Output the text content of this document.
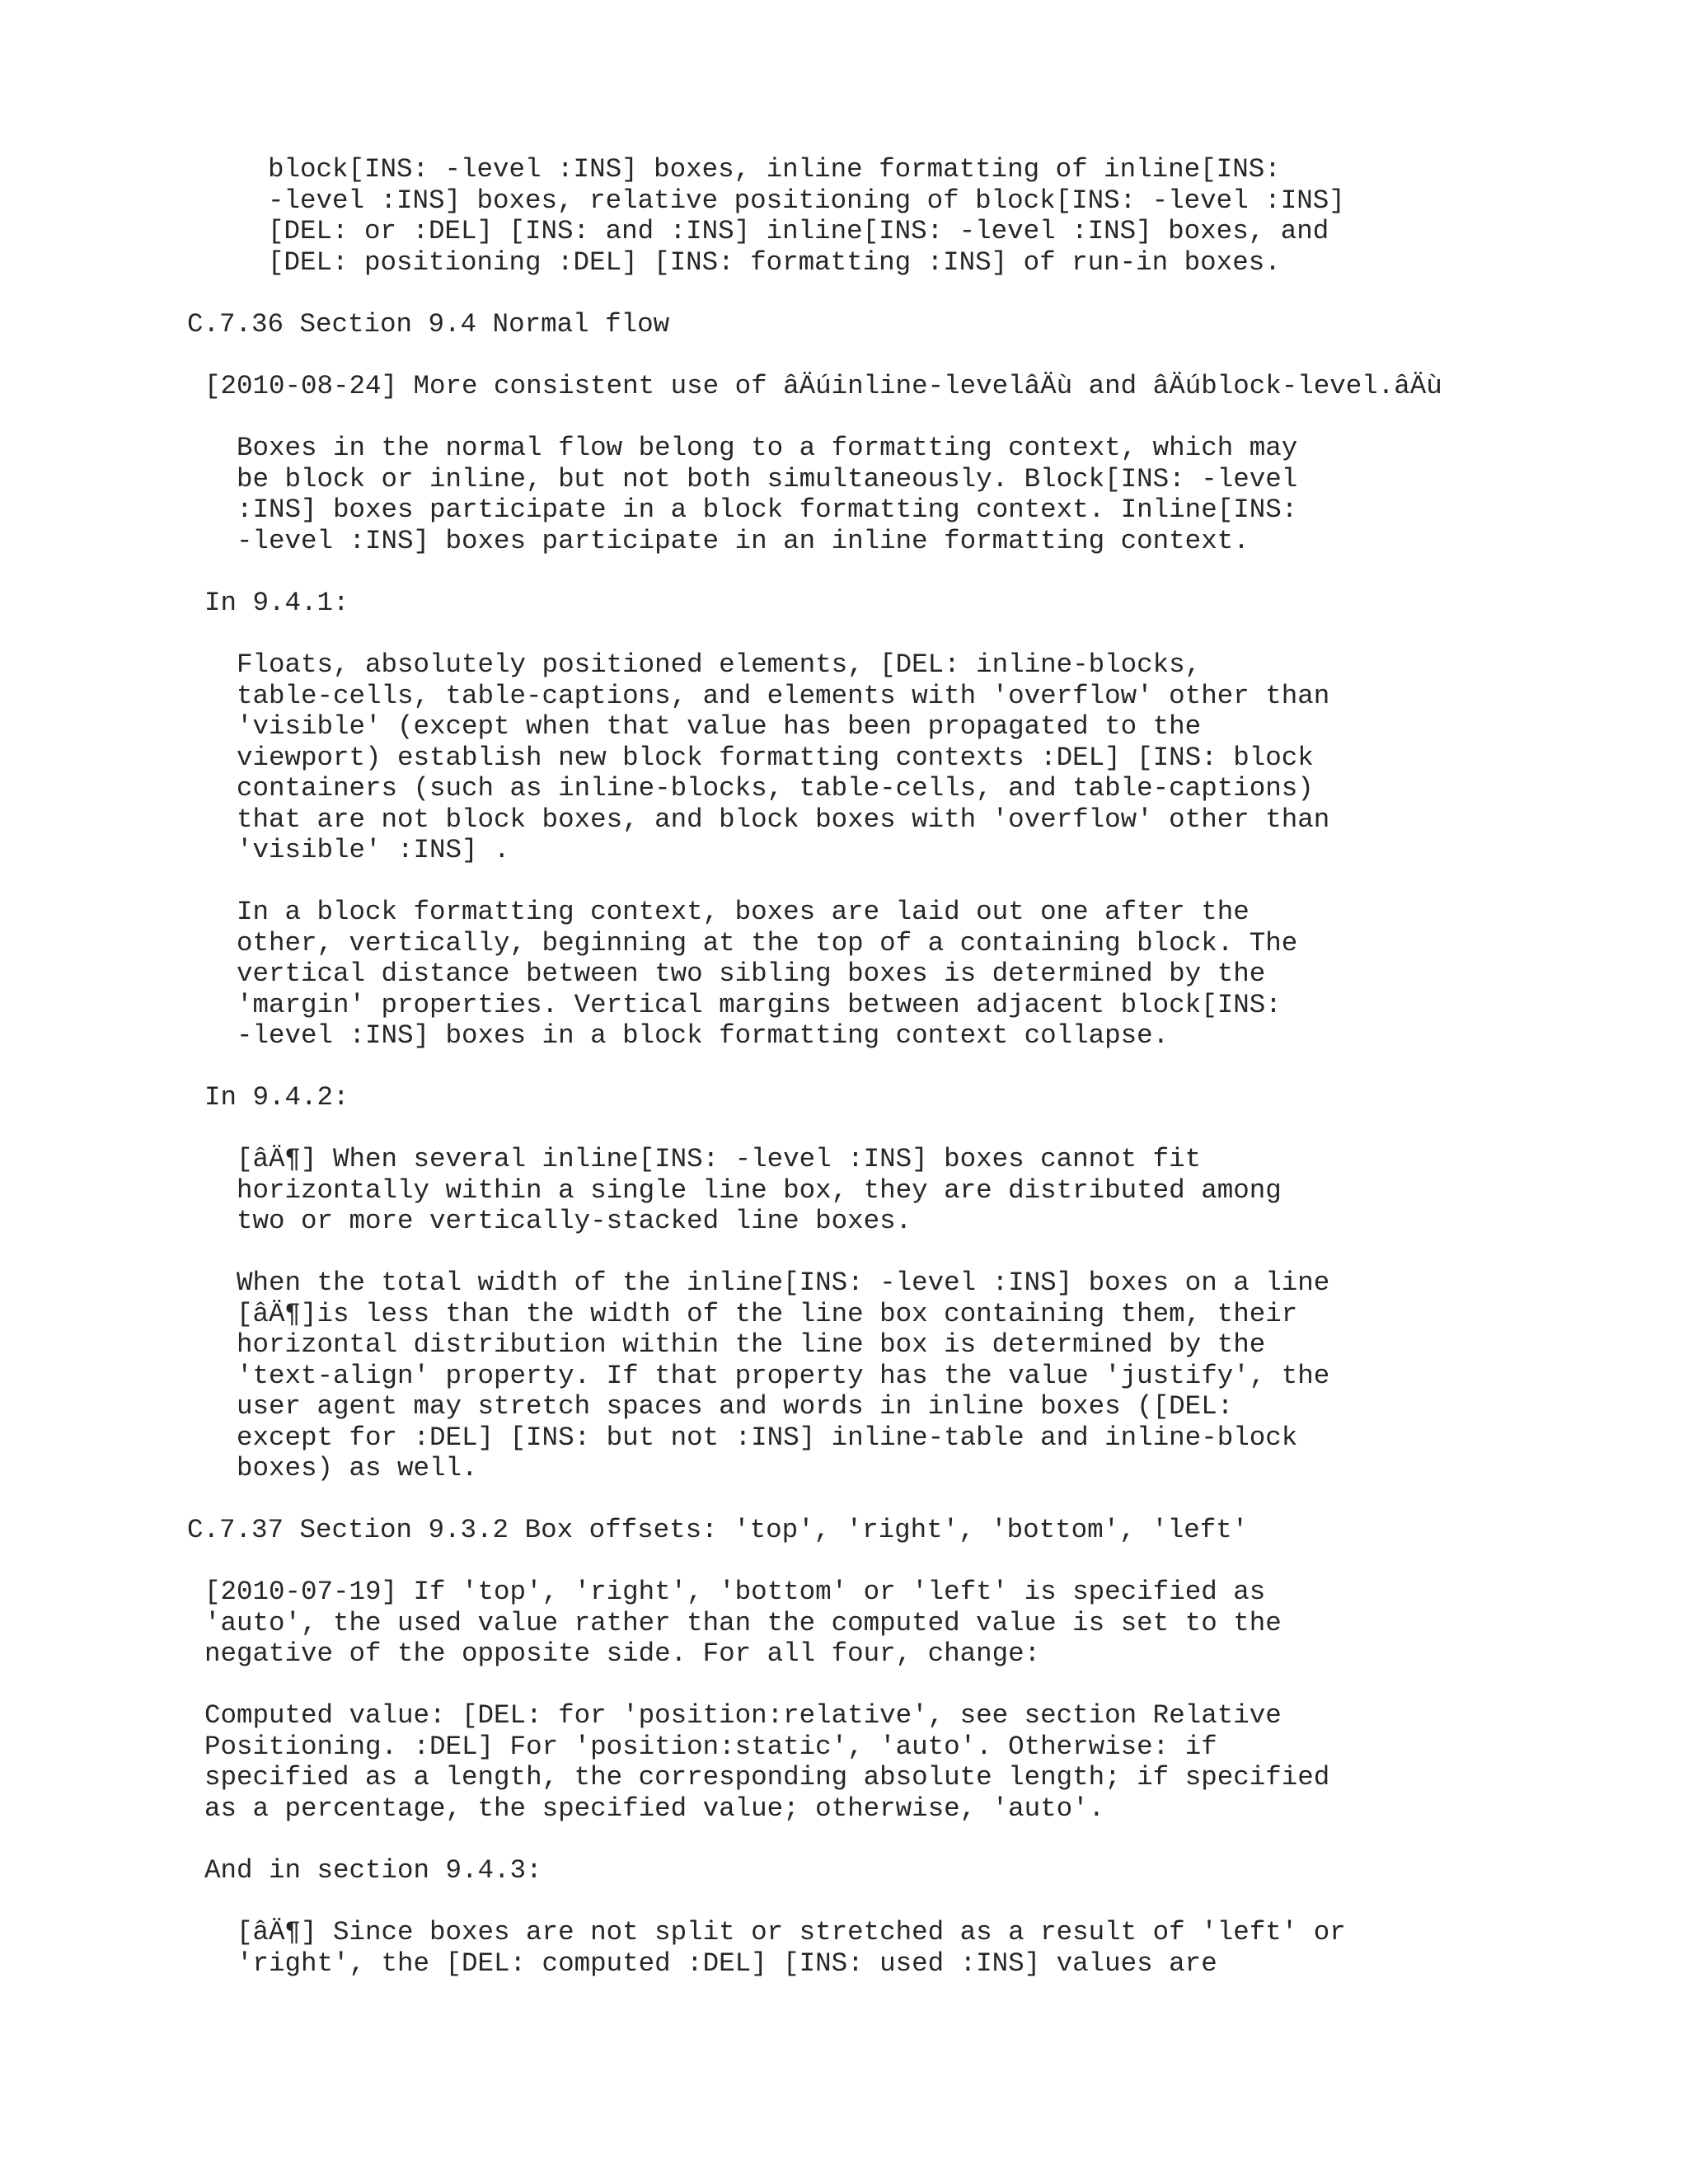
block[INS: -level :INS] boxes, inline formatting of inline[INS:
-level :INS] boxes, relative positioning of block[INS: -level :INS]
[DEL: or :DEL] [INS: and :INS] inline[INS: -level :INS] boxes, and
[DEL: positioning :DEL] [INS: formatting :INS] of run-in boxes.
C.7.36 Section 9.4 Normal flow
[2010-08-24] More consistent use of âÄúinline-levelâÄù and âÄúblock-level.âÄù
Boxes in the normal flow belong to a formatting context, which may
be block or inline, but not both simultaneously. Block[INS: -level
:INS] boxes participate in a block formatting context. Inline[INS:
-level :INS] boxes participate in an inline formatting context.
In 9.4.1:
Floats, absolutely positioned elements, [DEL: inline-blocks,
table-cells, table-captions, and elements with 'overflow' other than
'visible' (except when that value has been propagated to the
viewport) establish new block formatting contexts :DEL] [INS: block
containers (such as inline-blocks, table-cells, and table-captions)
that are not block boxes, and block boxes with 'overflow' other than
'visible' :INS] .
In a block formatting context, boxes are laid out one after the
other, vertically, beginning at the top of a containing block. The
vertical distance between two sibling boxes is determined by the
'margin' properties. Vertical margins between adjacent block[INS:
-level :INS] boxes in a block formatting context collapse.
In 9.4.2:
[âÄ¶] When several inline[INS: -level :INS] boxes cannot fit
horizontally within a single line box, they are distributed among
two or more vertically-stacked line boxes.
When the total width of the inline[INS: -level :INS] boxes on a line
[âÄ¶]is less than the width of the line box containing them, their
horizontal distribution within the line box is determined by the
'text-align' property. If that property has the value 'justify', the
user agent may stretch spaces and words in inline boxes ([DEL:
except for :DEL] [INS: but not :INS] inline-table and inline-block
boxes) as well.
C.7.37 Section 9.3.2 Box offsets: 'top', 'right', 'bottom', 'left'
[2010-07-19] If 'top', 'right', 'bottom' or 'left' is specified as
'auto', the used value rather than the computed value is set to the
negative of the opposite side. For all four, change:
Computed value: [DEL: for 'position:relative', see section Relative
Positioning. :DEL] For 'position:static', 'auto'. Otherwise: if
specified as a length, the corresponding absolute length; if specified
as a percentage, the specified value; otherwise, 'auto'.
And in section 9.4.3:
[âÄ¶] Since boxes are not split or stretched as a result of 'left' or
'right', the [DEL: computed :DEL] [INS: used :INS] values are
